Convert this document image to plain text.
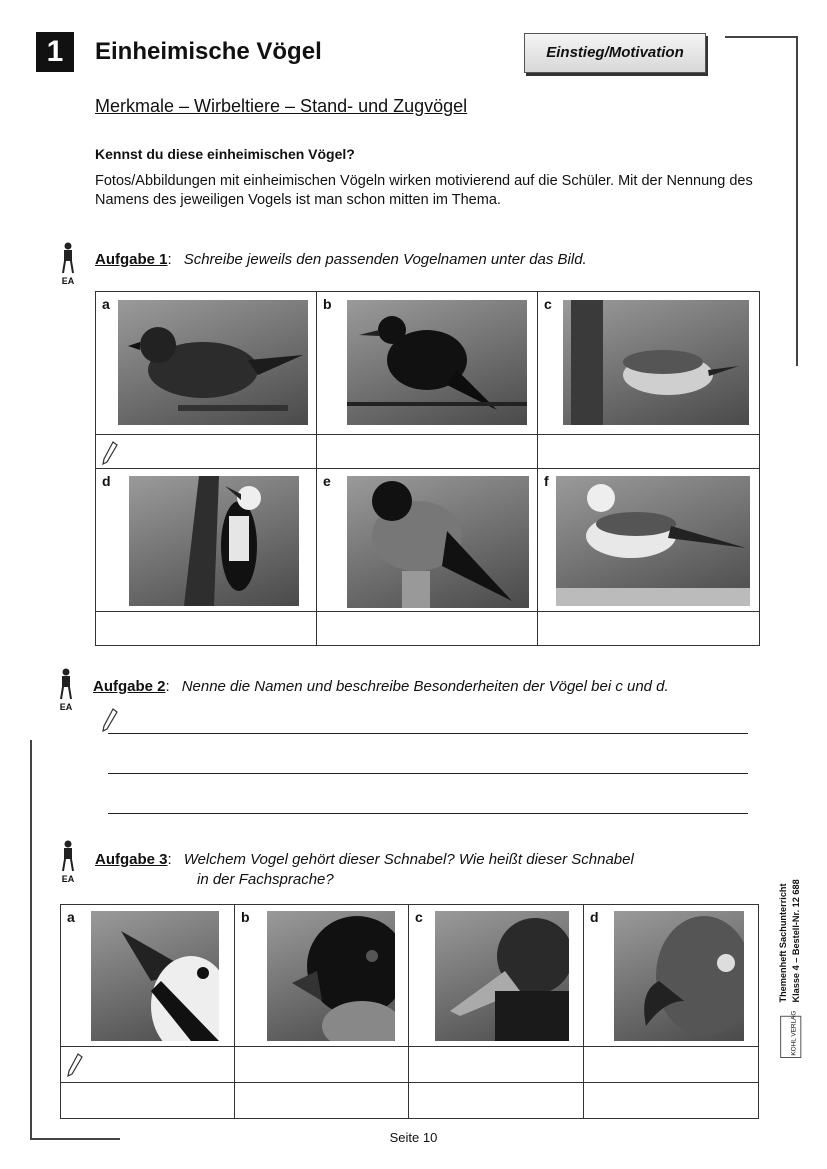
1	Einheimische Vögel	Einstieg/Motivation
Merkmale – Wirbeltiere – Stand- und Zugvögel
Kennst du diese einheimischen Vögel?
Fotos/Abbildungen mit einheimischen Vögeln wirken motivierend auf die Schüler. Mit der Nennung des Namens des jeweiligen Vogels ist man schon mitten im Thema.
EA
Aufgabe 1: Schreibe jeweils den passenden Vogelnamen unter das Bild.
a	b	c

d	e	f

EA
Aufgabe 2: Nenne die Namen und beschreibe Besonderheiten der Vögel bei c und d.
EA
Aufgabe 3: Welchem Vogel gehört dieser Schnabel? Wie heißt dieser Schnabel
in der Fachsprache?
a	b	c	d

				Themenheft Sachunterricht Klasse 4 – Bestell-Nr. 12 688
KOHL VERLAG
Seite 10
